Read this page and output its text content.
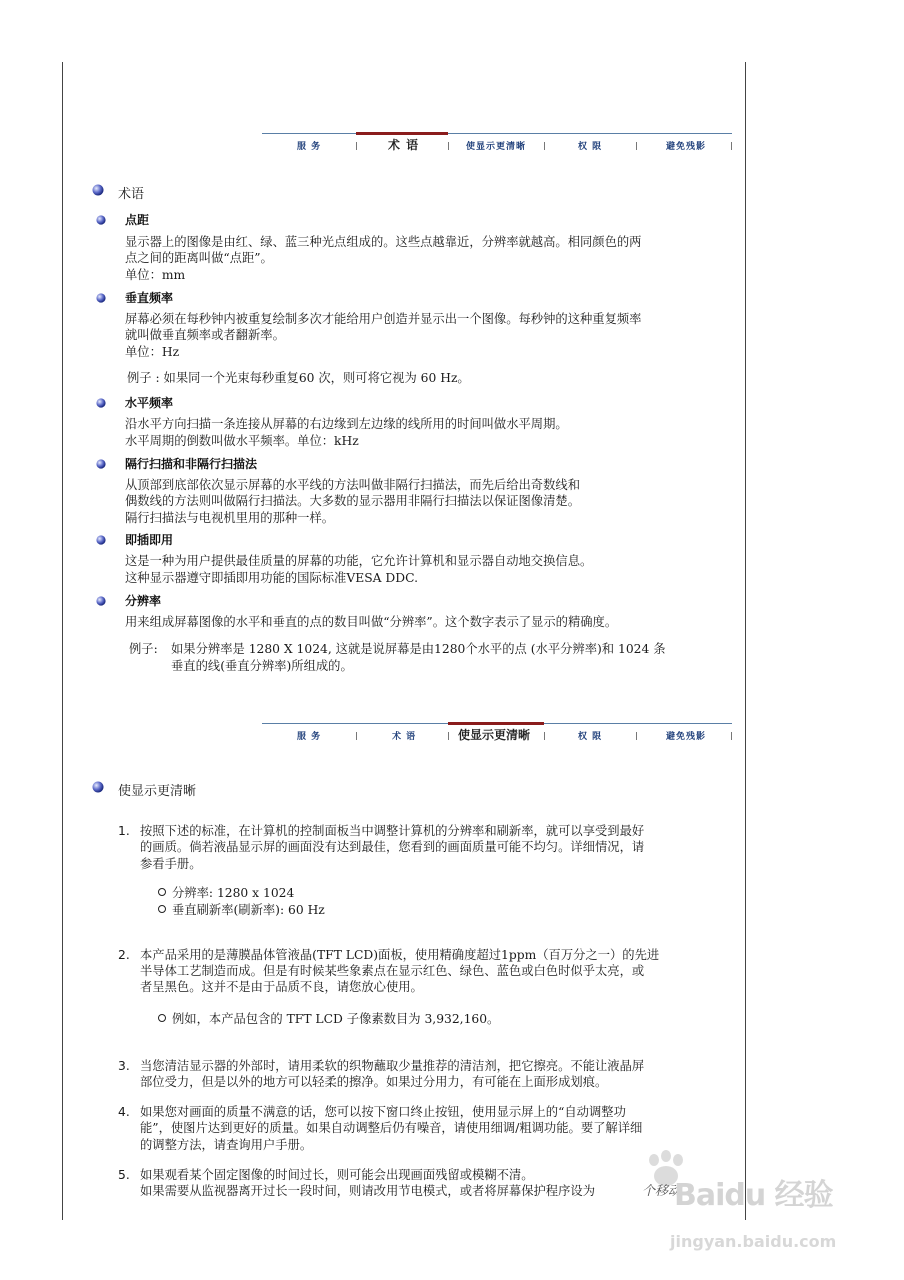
服 务	术 语	使显示更清晰	权 限	避免残影
术语
点距
显示器上的图像是由红、绿、蓝三种光点组成的。这些点越靠近，分辨率就越高。相同颜色的两
点之间的距离叫做“点距”。
单位：mm
垂直频率
屏幕必须在每秒钟内被重复绘制多次才能给用户创造并显示出一个图像。每秒钟的这种重复频率
就叫做垂直频率或者翻新率。
单位：Hz
例子 : 如果同一个光束每秒重复60 次，则可将它视为 60 Hz。
水平频率
沿水平方向扫描一条连接从屏幕的右边缘到左边缘的线所用的时间叫做水平周期。
水平周期的倒数叫做水平频率。单位：kHz
隔行扫描和非隔行扫描法
从顶部到底部依次显示屏幕的水平线的方法叫做非隔行扫描法，而先后给出奇数线和
偶数线的方法则叫做隔行扫描法。大多数的显示器用非隔行扫描法以保证图像清楚。
隔行扫描法与电视机里用的那种一样。
即插即用
这是一种为用户提供最佳质量的屏幕的功能，它允许计算机和显示器自动地交换信息。
这种显示器遵守即插即用功能的国际标准VESA DDC.
分辨率
用来组成屏幕图像的水平和垂直的点的数目叫做“分辨率”。这个数字表示了显示的精确度。
例子: 如果分辨率是 1280 X 1024, 这就是说屏幕是由1280个水平的点 (水平分辨率)和 1024 条
垂直的线(垂直分辨率)所组成的。
服 务	术 语	使显示更清晰	权 限	避免残影
使显示更清晰
1. 按照下述的标准，在计算机的控制面板当中调整计算机的分辨率和刷新率，就可以享受到最好
的画质。倘若液晶显示屏的画面没有达到最佳，您看到的画面质量可能不均匀。详细情况，请
参看手册。
分辨率: 1280 x 1024
垂直刷新率(刷新率): 60 Hz
2. 本产品采用的是薄膜晶体管液晶(TFT LCD)面板，使用精确度超过1ppm（百万分之一）的先进
半导体工艺制造而成。但是有时候某些象素点在显示红色、绿色、蓝色或白色时似乎太亮，或
者呈黑色。这并不是由于品质不良，请您放心使用。
例如，本产品包含的 TFT LCD 子像素数目为 3,932,160。
3. 当您清洁显示器的外部时，请用柔软的织物蘸取少量推荐的清洁剂，把它擦亮。不能让液晶屏
部位受力，但是以外的地方可以轻柔的擦净。如果过分用力，有可能在上面形成划痕。
4. 如果您对画面的质量不满意的话，您可以按下窗口终止按钮，使用显示屏上的“自动调整功
能”，使图片达到更好的质量。如果自动调整后仍有噪音，请使用细调/粗调功能。要了解详细
的调整方法，请查询用户手册。
5. 如果观看某个固定图像的时间过长，则可能会出现画面残留或模糊不清。
如果需要从监视器离开过长一段时间，则请改用节电模式，或者将屏幕保护程序设为	个移动
Baidu 经验
jingyan.baidu.com
